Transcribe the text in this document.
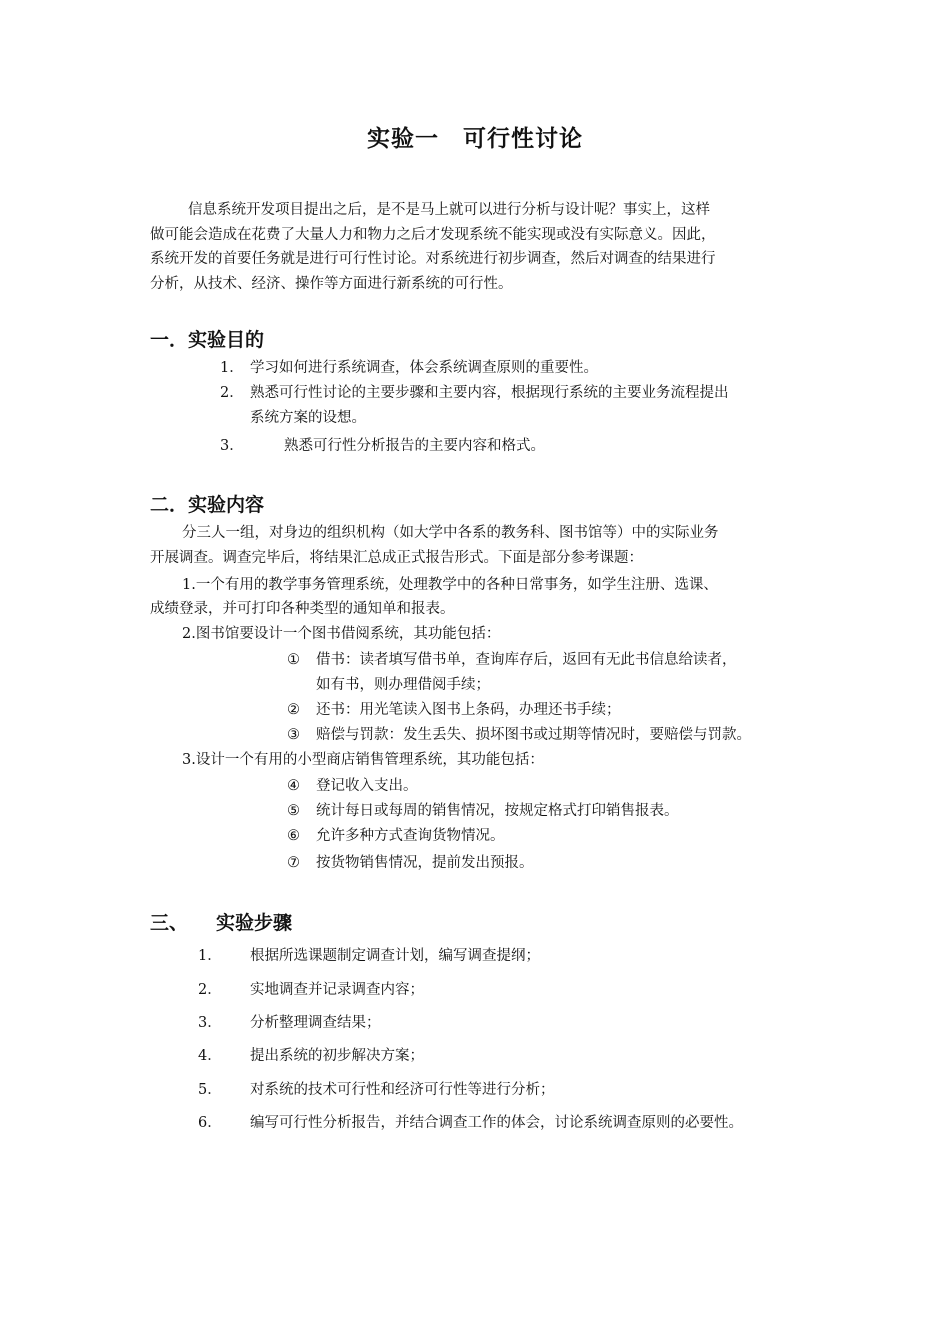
实验一　可行性讨论
信息系统开发项目提出之后，是不是马上就可以进行分析与设计呢？事实上，这样
做可能会造成在花费了大量人力和物力之后才发现系统不能实现或没有实际意义。因此，
系统开发的首要任务就是进行可行性讨论。对系统进行初步调查，然后对调查的结果进行
分析，从技术、经济、操作等方面进行新系统的可行性。
一．实验目的
1． 学习如何进行系统调查，体会系统调查原则的重要性。
2． 熟悉可行性讨论的主要步骤和主要内容，根据现行系统的主要业务流程提出
系统方案的设想。
3．	熟悉可行性分析报告的主要内容和格式。
二．实验内容
分三人一组，对身边的组织机构（如大学中各系的教务科、图书馆等）中的实际业务
开展调查。调查完毕后，将结果汇总成正式报告形式。下面是部分参考课题：
1.一个有用的教学事务管理系统，处理教学中的各种日常事务，如学生注册、选课、
成绩登录，并可打印各种类型的通知单和报表。
2.图书馆要设计一个图书借阅系统，其功能包括：
① 借书：读者填写借书单，查询库存后，返回有无此书信息给读者，
如有书，则办理借阅手续；
② 还书：用光笔读入图书上条码，办理还书手续；
③ 赔偿与罚款：发生丢失、损坏图书或过期等情况时，要赔偿与罚款。
3.设计一个有用的小型商店销售管理系统，其功能包括：
④ 登记收入支出。
⑤ 统计每日或每周的销售情况，按规定格式打印销售报表。
⑥ 允许多种方式查询货物情况。
⑦ 按货物销售情况，提前发出预报。
三、 实验步骤
1． 根据所选课题制定调查计划，编写调查提纲；
2． 实地调查并记录调查内容；
3． 分析整理调查结果；
4． 提出系统的初步解决方案；
5． 对系统的技术可行性和经济可行性等进行分析；
6． 编写可行性分析报告，并结合调查工作的体会，讨论系统调查原则的必要性。
